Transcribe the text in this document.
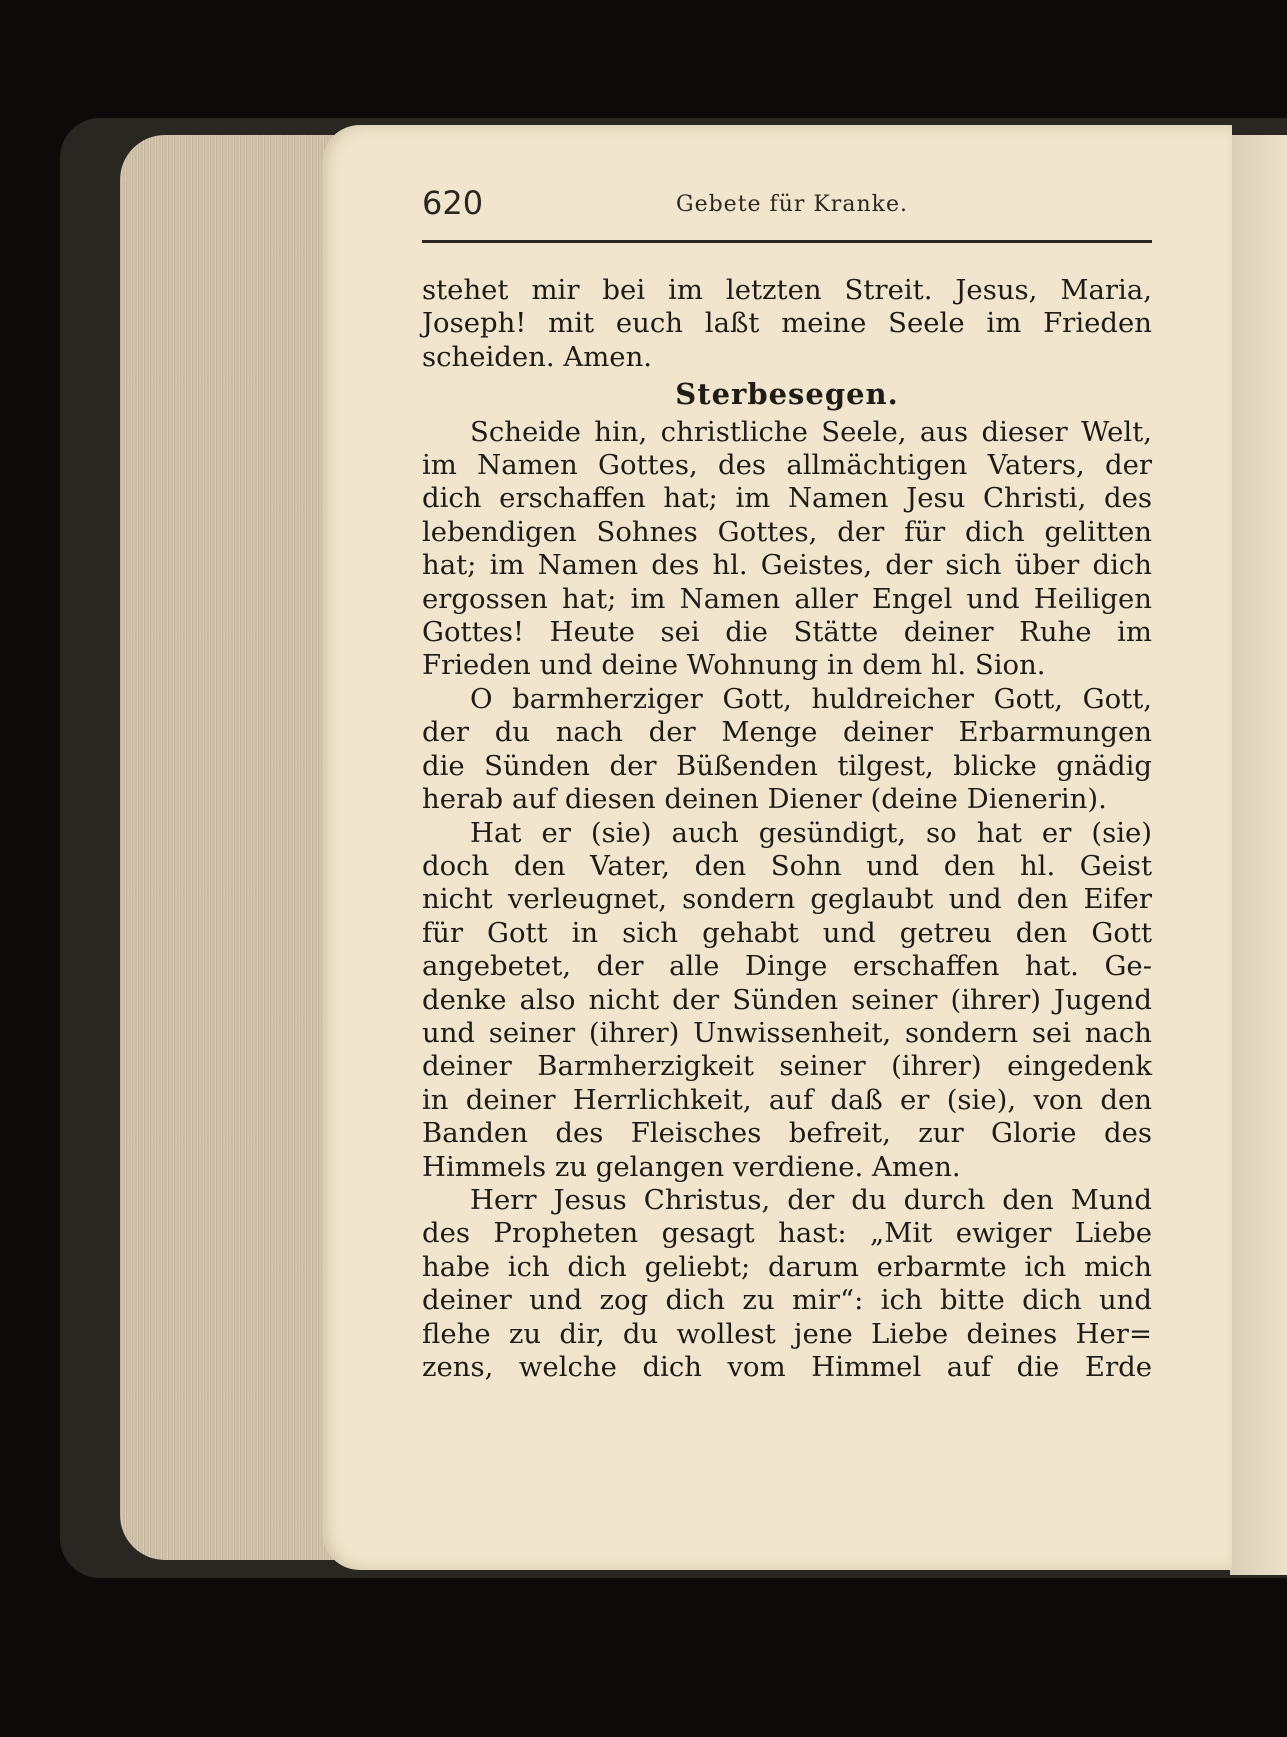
620	Gebete für Kranke.
stehet mir bei im letzten Streit. Jesus, Maria,
Joseph! mit euch laßt meine Seele im Frieden
scheiden. Amen.
Sterbesegen.
Scheide hin, christliche Seele, aus dieser Welt,
im Namen Gottes, des allmächtigen Vaters, der
dich erschaffen hat; im Namen Jesu Christi, des
lebendigen Sohnes Gottes, der für dich gelitten
hat; im Namen des hl. Geistes, der sich über dich
ergossen hat; im Namen aller Engel und Heiligen
Gottes! Heute sei die Stätte deiner Ruhe im
Frieden und deine Wohnung in dem hl. Sion.
O barmherziger Gott, huldreicher Gott, Gott,
der du nach der Menge deiner Erbarmungen
die Sünden der Büßenden tilgest, blicke gnädig
herab auf diesen deinen Diener (deine Dienerin).
Hat er (sie) auch gesündigt, so hat er (sie)
doch den Vater, den Sohn und den hl. Geist
nicht verleugnet, sondern geglaubt und den Eifer
für Gott in sich gehabt und getreu den Gott
angebetet, der alle Dinge erschaffen hat. Ge-
denke also nicht der Sünden seiner (ihrer) Jugend
und seiner (ihrer) Unwissenheit, sondern sei nach
deiner Barmherzigkeit seiner (ihrer) eingedenk
in deiner Herrlichkeit, auf daß er (sie), von den
Banden des Fleisches befreit, zur Glorie des
Himmels zu gelangen verdiene. Amen.
Herr Jesus Christus, der du durch den Mund
des Propheten gesagt hast: „Mit ewiger Liebe
habe ich dich geliebt; darum erbarmte ich mich
deiner und zog dich zu mir“: ich bitte dich und
flehe zu dir, du wollest jene Liebe deines Her=
zens, welche dich vom Himmel auf die Erde
